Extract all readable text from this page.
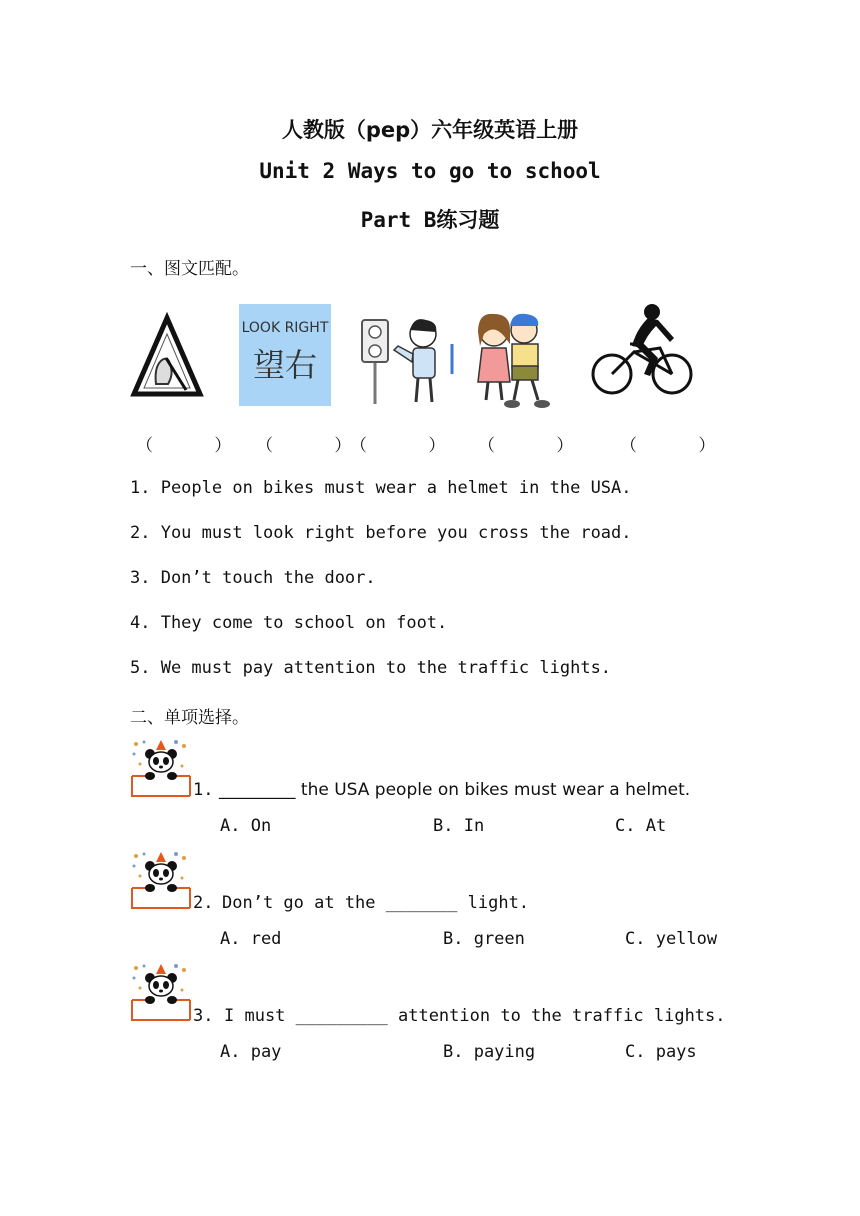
人教版（pep）六年级英语上册
Unit 2 Ways to go to school
Part B练习题
一、图文匹配。
LOOK RIGHT
望右
（      ） （      ）
（      ） （      ）	（      ）
1. People on bikes must wear a helmet in the USA.
2. You must look right before you cross the road.
3. Don’t touch the door.
4. They come to school on foot.
5. We must pay attention to the traffic lights.
二、单项选择。
1. _________ the USA people on bikes must wear a helmet.
A. On	B. In	C. At
2. Don’t go at the _______ light.
A. red	B. green	C. yellow
3. I must _________ attention to the traffic lights.
A. pay	B. paying	C. pays
